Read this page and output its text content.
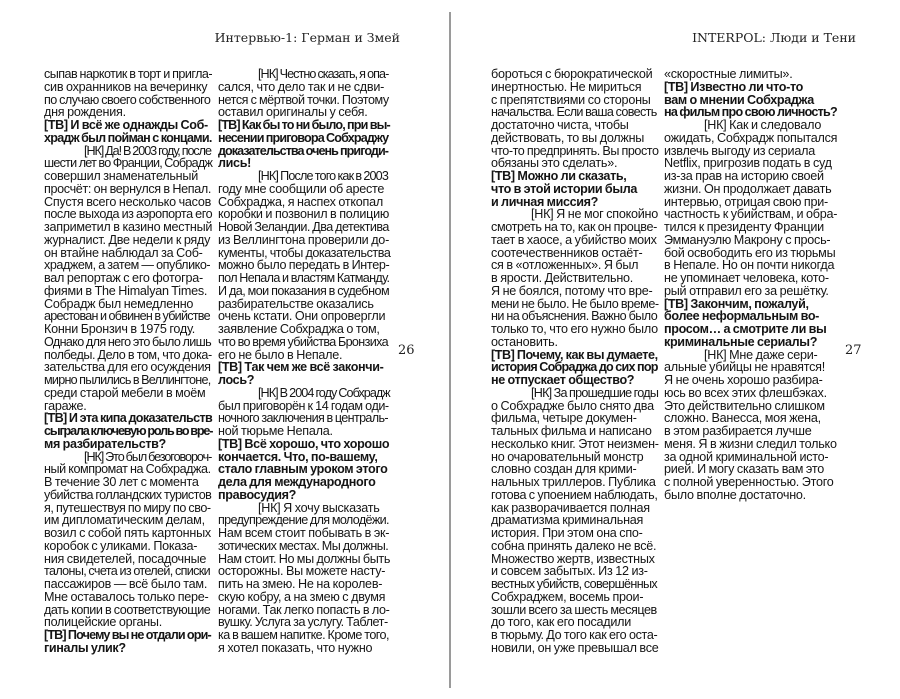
Интервью-1: Герман и Змей
сыпав наркотик в торт и пригла-
сив охранников на вечеринку
по случаю своего собственного
дня рождения.
[ТВ] И всё же однажды Соб-
храдж был пойман с концами.
[НК] Да! В 2003 году, после
шести лет во Франции, Собрадж
совершил знаменательный
просчёт: он вернулся в Непал.
Спустя всего несколько часов
после выхода из аэропорта его
заприметил в казино местный
журналист. Две недели к ряду
он втайне наблюдал за Соб-
храджем, а затем — опублико-
вал репортаж с его фотогра-
фиями в The Himalyan Times.
Собрадж был немедленно
арестован и обвинен в убийстве
Конни Бронзич в 1975 году.
Однако для него это было лишь
полбеды. Дело в том, что дока-
зательства для его осуждения
мирно пылились в Веллингтоне,
среди старой мебели в моём
гараже.
[ТВ] И эта кипа доказательств
сыграла ключевую роль во вре-
мя разбирательств?
[НК] Это был безоговороч-
ный компромат на Собхраджа.
В течение 30 лет с момента
убийства голландских туристов
я, путешествуя по миру по сво-
им дипломатическим делам,
возил с собой пять картонных
коробок с уликами. Показа-
ния свидетелей, посадочные
талоны, счета из отелей, списки
пассажиров — всё было там.
Мне оставалось только пере-
дать копии в соответствующие
полицейские органы.
[ТВ] Почему вы не отдали ори-
гиналы улик?
[НК] Честно сказать, я опа-
сался, что дело так и не сдви-
нется с мёртвой точки. Поэтому
оставил оригиналы у себя.
[ТВ] Как бы то ни было, при вы-
несении приговора Собхраджу
доказательства очень пригоди-
лись!
[НК] После того как в 2003
году мне сообщили об аресте
Собхраджа, я наспех откопал
коробки и позвонил в полицию
Новой Зеландии. Два детектива
из Веллингтона проверили до-
кументы, чтобы доказательства
можно было передать в Интер-
пол Непала и властям Катманду.
И да, мои показания в судебном
разбирательстве оказались
очень кстати. Они опровергли
заявление Собхраджа о том,
что во время убийства Бронзиха
его не было в Непале.
[ТВ] Так чем же всё закончи-
лось?
[НК] В 2004 году Собхрадж
был приговорён к 14 годам оди-
ночного заключения в централь-
ной тюрьме Непала.
[ТВ] Всё хорошо, что хорошо
кончается. Что, по-вашему,
стало главным уроком этого
дела для международного
правосудия?
[НК] Я хочу высказать
предупреждение для молодёжи.
Нам всем стоит побывать в эк-
зотических местах. Мы должны.
Нам стоит. Но мы должны быть
осторожны. Вы можете насту-
пить на змею. Не на королев-
скую кобру, а на змею с двумя
ногами. Так легко попасть в ло-
вушку. Услуга за услугу. Таблет-
ка в вашем напитке. Кроме того,
я хотел показать, что нужно
26
INTERPOL: Люди и Тени
бороться с бюрократической
инертностью. Не мириться
с препятствиями со стороны
начальства. Если ваша совесть
достаточно чиста, чтобы
действовать, то вы должны
что-то предпринять. Вы просто
обязаны это сделать».
[ТВ] Можно ли сказать,
что в этой истории была
и личная миссия?
[НК] Я не мог спокойно
смотреть на то, как он процве-
тает в хаосе, а убийство моих
соотечественников остаёт-
ся в «отложенных». Я был
в ярости. Действительно.
Я не боялся, потому что вре-
мени не было. Не было време-
ни на объяснения. Важно было
только то, что его нужно было
остановить.
[ТВ] Почему, как вы думаете,
история Собраджа до сих пор
не отпускает общество?
[НК] За прошедшие годы
о Собхрадже было снято два
фильма, четыре докумен-
тальных фильма и написано
несколько книг. Этот неизмен-
но очаровательный монстр
словно создан для крими-
нальных триллеров. Публика
готова с упоением наблюдать,
как разворачивается полная
драматизма криминальная
история. При этом она спо-
собна принять далеко не всё.
Множество жертв, известных
и совсем забытых. Из 12 из-
вестных убийств, совершённых
Собхраджем, восемь прои-
зошли всего за шесть месяцев
до того, как его посадили
в тюрьму. До того как его оста-
новили, он уже превышал все
«скоростные лимиты».
[ТВ] Известно ли что-то
вам о мнении Собхраджа
на фильм про свою личность?
[НК] Как и следовало
ожидать, Собхрадж попытался
извлечь выгоду из сериала
Netflix, пригрозив подать в суд
из-за прав на историю своей
жизни. Он продолжает давать
интервью, отрицая свою при-
частность к убийствам, и обра-
тился к президенту Франции
Эммануэлю Макрону с прось-
бой освободить его из тюрьмы
в Непале. Но он почти никогда
не упоминает человека, кото-
рый отправил его за решётку.
[ТВ] Закончим, пожалуй,
более неформальным во-
просом… а смотрите ли вы
криминальные сериалы?
[НК] Мне даже сери-
альные убийцы не нравятся!
Я не очень хорошо разбира-
юсь во всех этих флешбэках.
Это действительно слишком
сложно. Ванесса, моя жена,
в этом разбирается лучше
меня. Я в жизни следил только
за одной криминальной исто-
рией. И могу сказать вам это
с полной уверенностью. Этого
было вполне достаточно.
27
